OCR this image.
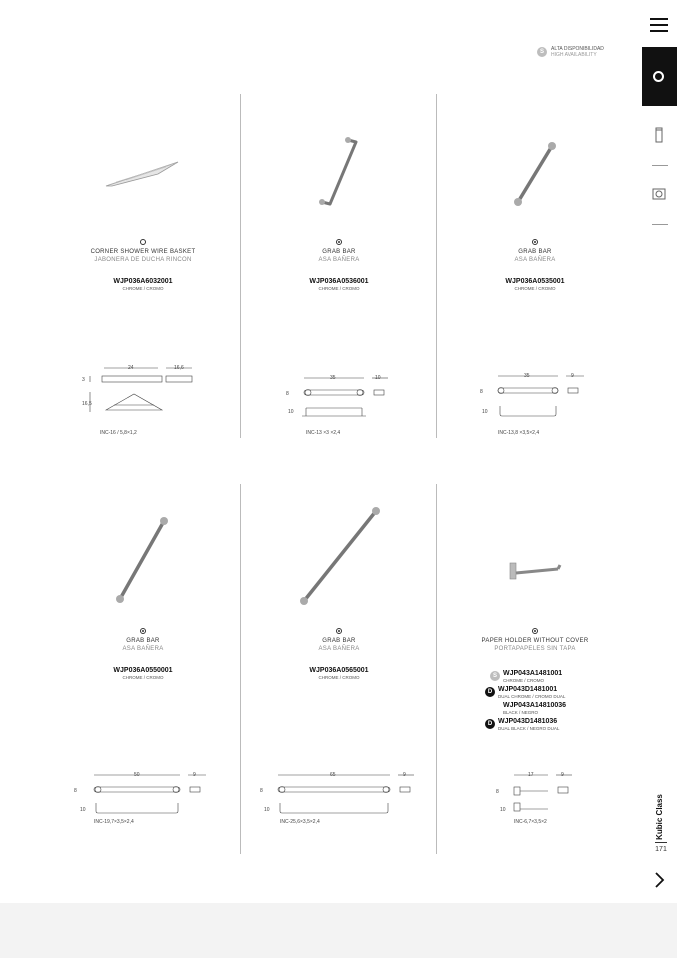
S	ALTA DISPONIBILIDAD
HIGH AVAILABILITY
CORNER SHOWER WIRE BASKET
JABONERA DE DUCHA RINCON
WJP036A6032001
CHROME / CROMO
24	16,6
3
16,5
INC-16 / 5,8×1,2
GRAB BAR
ASA BAÑERA
WJP036A0536001
CHROME / CROMO
35	10
8
10
INC-13 ×3 ×2,4
GRAB BAR
ASA BAÑERA
WJP036A0535001
CHROME / CROMO
35	9
8
10
INC-13,8 ×3,5×2,4
GRAB BAR
ASA BAÑERA
WJP036A0550001
CHROME / CROMO
50	9
8
10
INC-19,7×3,5×2,4
GRAB BAR
ASA BAÑERA
WJP036A0565001
CHROME / CROMO
65	9
8
10
INC-25,6×3,5×2,4
PAPER HOLDER WITHOUT COVER
PORTAPAPELES SIN TAPA
S WJP043A1481001
CHROME / CROMO
D WJP043D1481001
DUAL CHROME / CROMO DUAL
WJP043A14810036
BLACK / NEGRO
D WJP043D1481036
DUAL BLACK / NEGRO DUAL
17	9
8
10
INC-6,7×3,5×2	Kubic Class
171
